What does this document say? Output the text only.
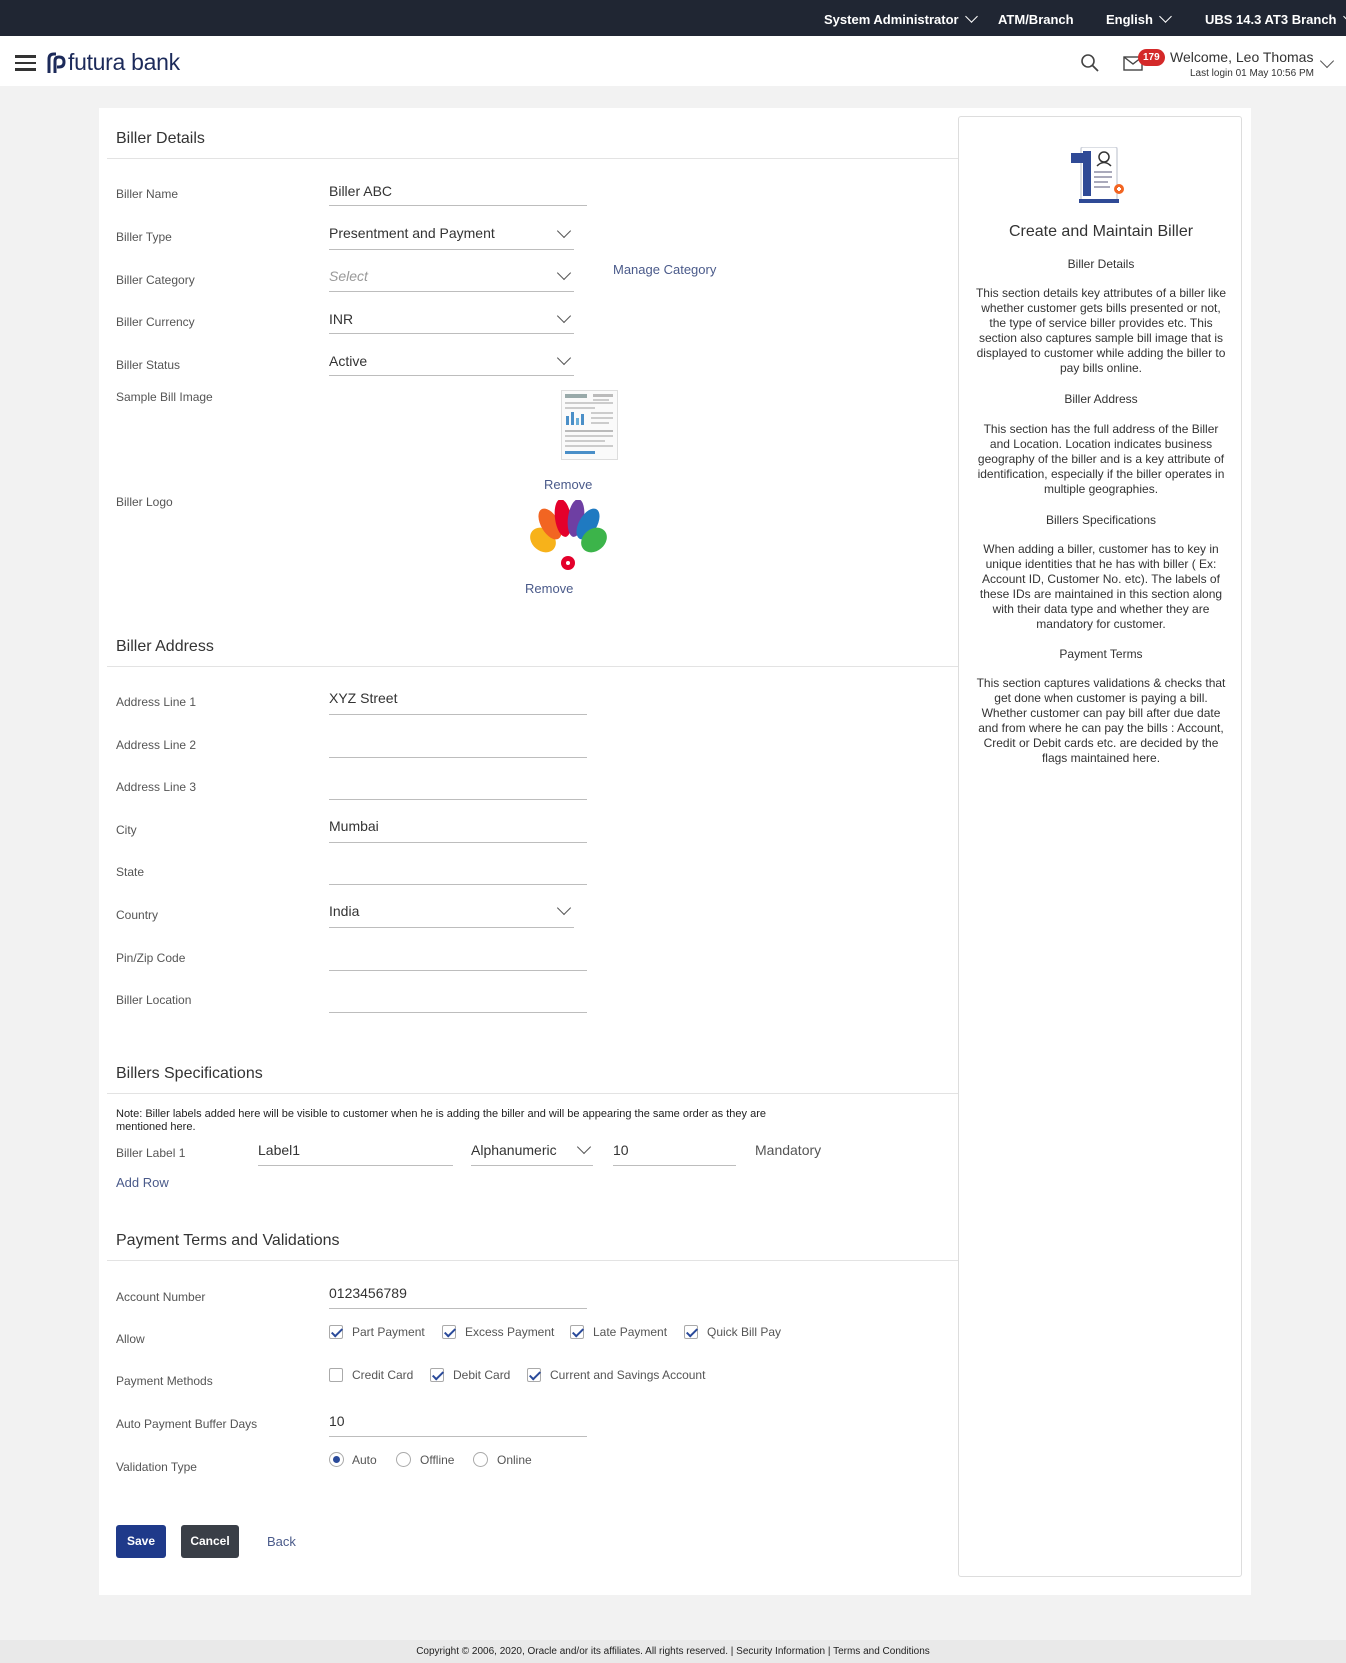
System Administrator	ATM/Branch English	UBS 14.3 AT3 Branch
futura bank	179 Welcome, Leo Thomas
Last login 01 May 10:56 PM
Biller Details
Biller Name	Biller ABC
Biller Type	Presentment and Payment
Biller Category	Select	Manage Category
Biller Currency	INR
Biller Status	Active
Sample Bill Image
Remove
Biller Logo
Remove
Biller Address
Address Line 1	XYZ Street
Address Line 2
Address Line 3
City	Mumbai
State
Country	India
Pin/Zip Code
Biller Location
Billers Specifications
Note: Biller labels added here will be visible to customer when he is adding the biller and will be appearing the same order as they are mentioned here.
Biller Label 1	Label1	Alphanumeric	10	Mandatory
Add Row
Payment Terms and Validations
Account Number	0123456789
Allow	Part Payment	Excess Payment	Late Payment	Quick Bill Pay
Payment Methods	Credit Card	Debit Card	Current and Savings Account
Auto Payment Buffer Days	10
Validation Type	Auto	Offline	Online
Save	Cancel	Back
Create and Maintain Biller
Biller Details
This section details key attributes of a biller like whether customer gets bills presented or not, the type of service biller provides etc. This section also captures sample bill image that is displayed to customer while adding the biller to pay bills online.
Biller Address
This section has the full address of the Biller and Location. Location indicates business geography of the biller and is a key attribute of identification, especially if the biller operates in multiple geographies.
Billers Specifications
When adding a biller, customer has to key in unique identities that he has with biller ( Ex: Account ID, Customer No. etc). The labels of these IDs are maintained in this section along with their data type and whether they are mandatory for customer.
Payment Terms
This section captures validations & checks that get done when customer is paying a bill. Whether customer can pay bill after due date and from where he can pay the bills : Account, Credit or Debit cards etc. are decided by the flags maintained here.
Copyright © 2006, 2020, Oracle and/or its affiliates. All rights reserved. | Security Information | Terms and Conditions
